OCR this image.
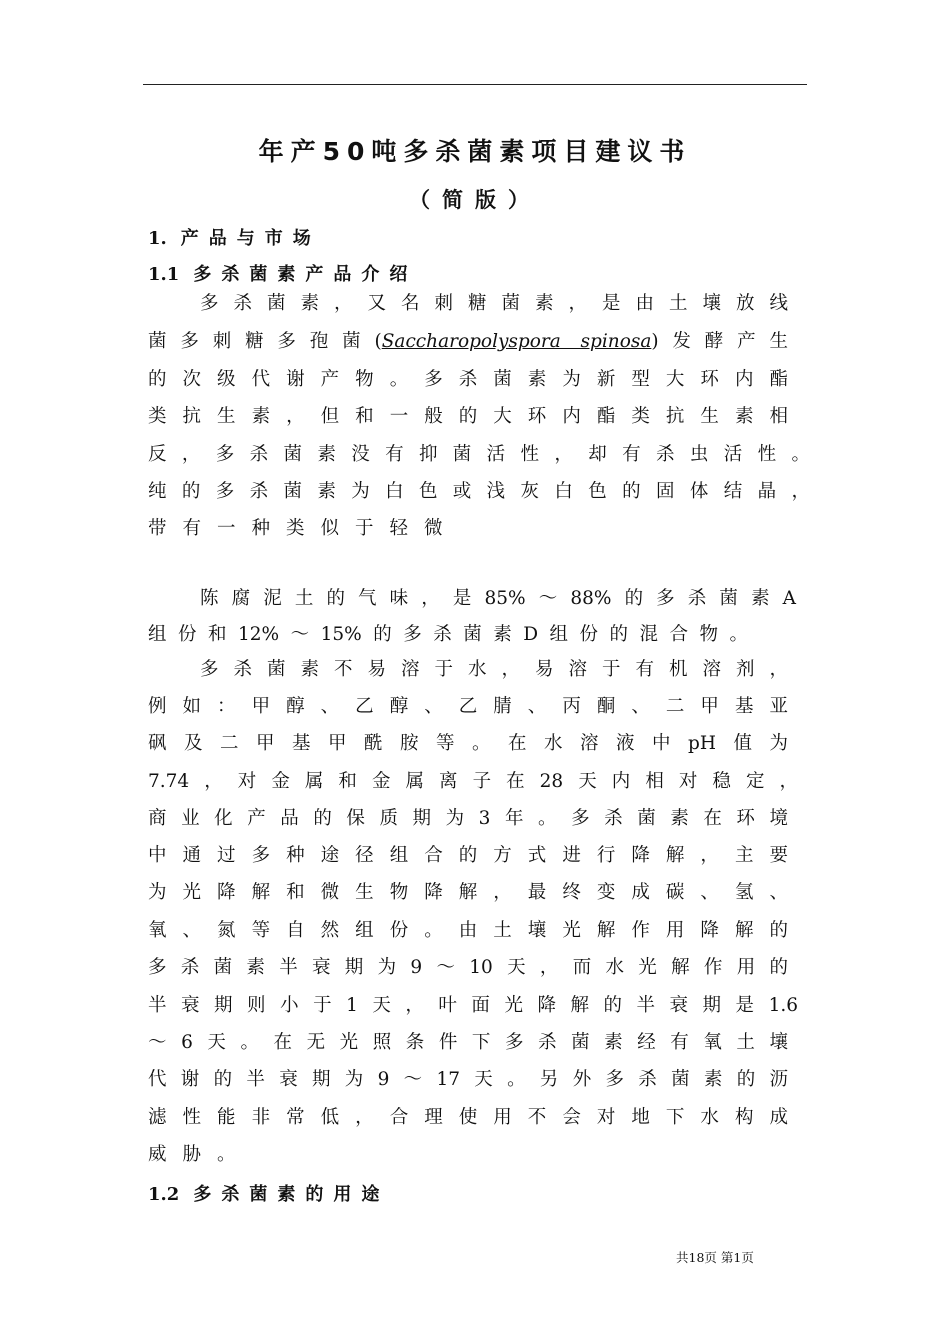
年产50吨多杀菌素项目建议书
（简版）
1. 产品与市场
1.1 多杀菌素产品介绍
多杀菌素，又名刺糖菌素，是由土壤放线
菌多刺糖多孢菌(Saccharopolyspora spinosa)发酵产生
的次级代谢产物。多杀菌素为新型大环内酯
类抗生素，但和一般的大环内酯类抗生素相
反，多杀菌素没有抑菌活性，却有杀虫活性。
纯的多杀菌素为白色或浅灰白色的固体结晶，
带有一种类似于轻微
陈腐泥土的气味，是85%～88%的多杀菌素A
组份和12%～15%的多杀菌素D组份的混合物。
多杀菌素不易溶于水，易溶于有机溶剂，
例如：甲醇、乙醇、乙腈、丙酮、二甲基亚
砜及二甲基甲酰胺等。在水溶液中pH值为
7.74，对金属和金属离子在28天内相对稳定，
商业化产品的保质期为3年。多杀菌素在环境
中通过多种途径组合的方式进行降解，主要
为光降解和微生物降解，最终变成碳、氢、
氧、氮等自然组份。由土壤光解作用降解的
多杀菌素半衰期为9～10天，而水光解作用的
半衰期则小于1天，叶面光降解的半衰期是1.6
～6天。在无光照条件下多杀菌素经有氧土壤
代谢的半衰期为9～17天。另外多杀菌素的沥
滤性能非常低，合理使用不会对地下水构成
威胁。
1.2 多杀菌素的用途
共18页 第1页
